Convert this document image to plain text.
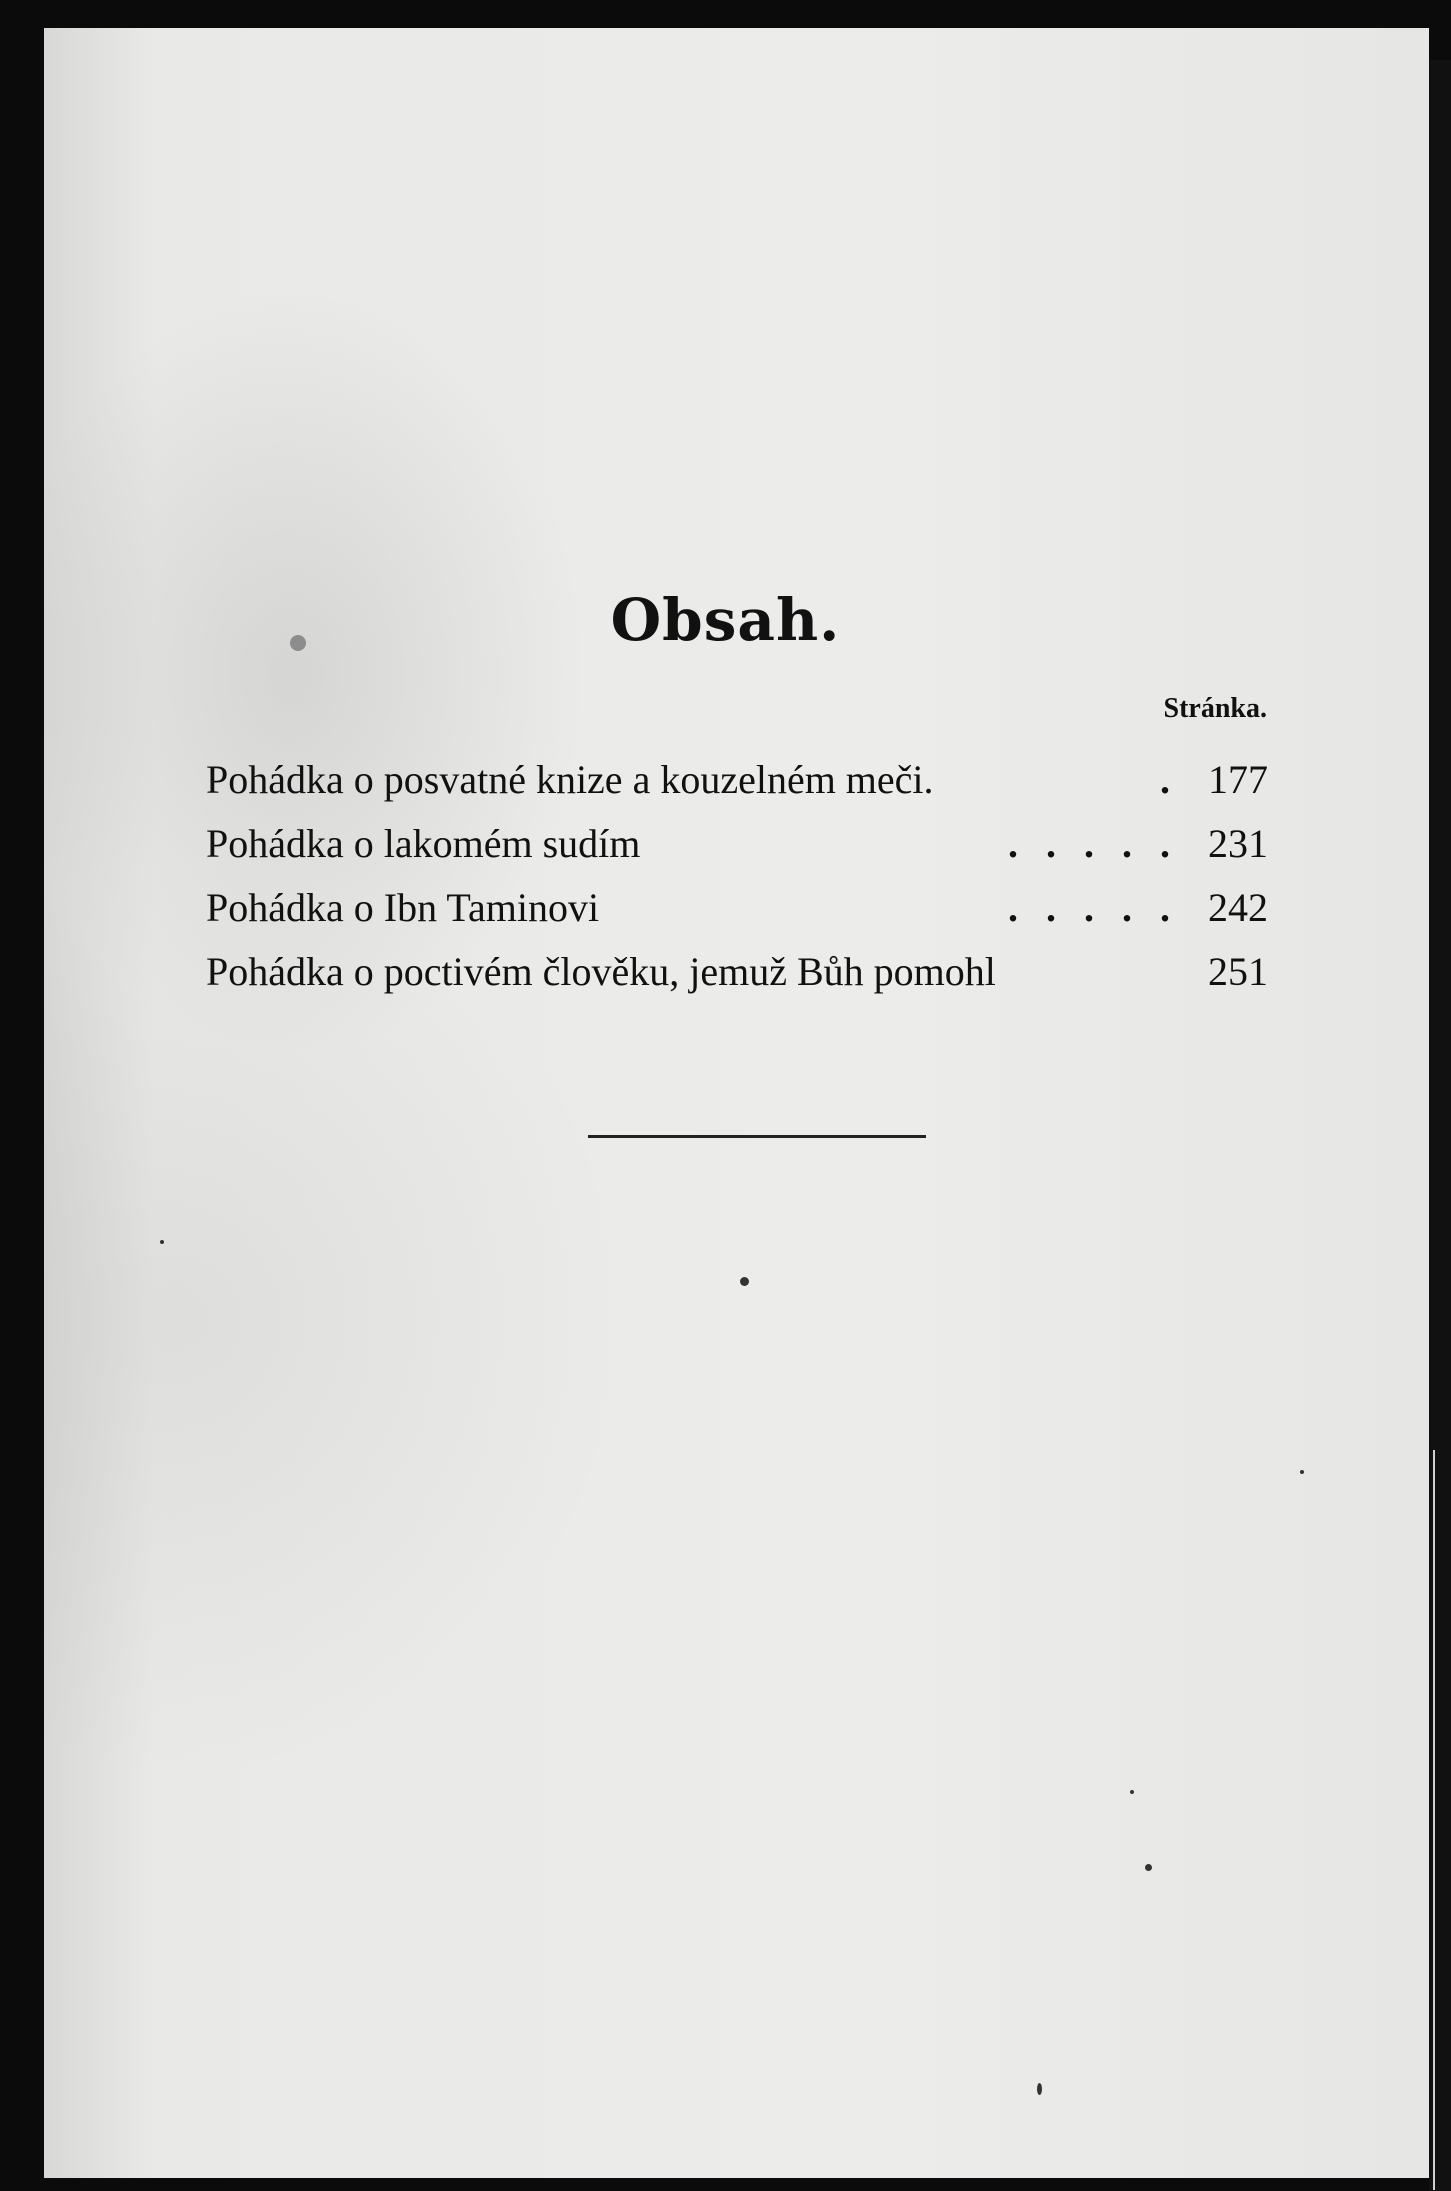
Obsah.
Stránka.
Pohádka o posvatné knize a kouzelném meči.	. 177
Pohádka o lakomém sudím	..... 231
Pohádka o Ibn Taminovi	..... 242
Pohádka o poctivém člověku, jemuž Bůh pomohl	251
